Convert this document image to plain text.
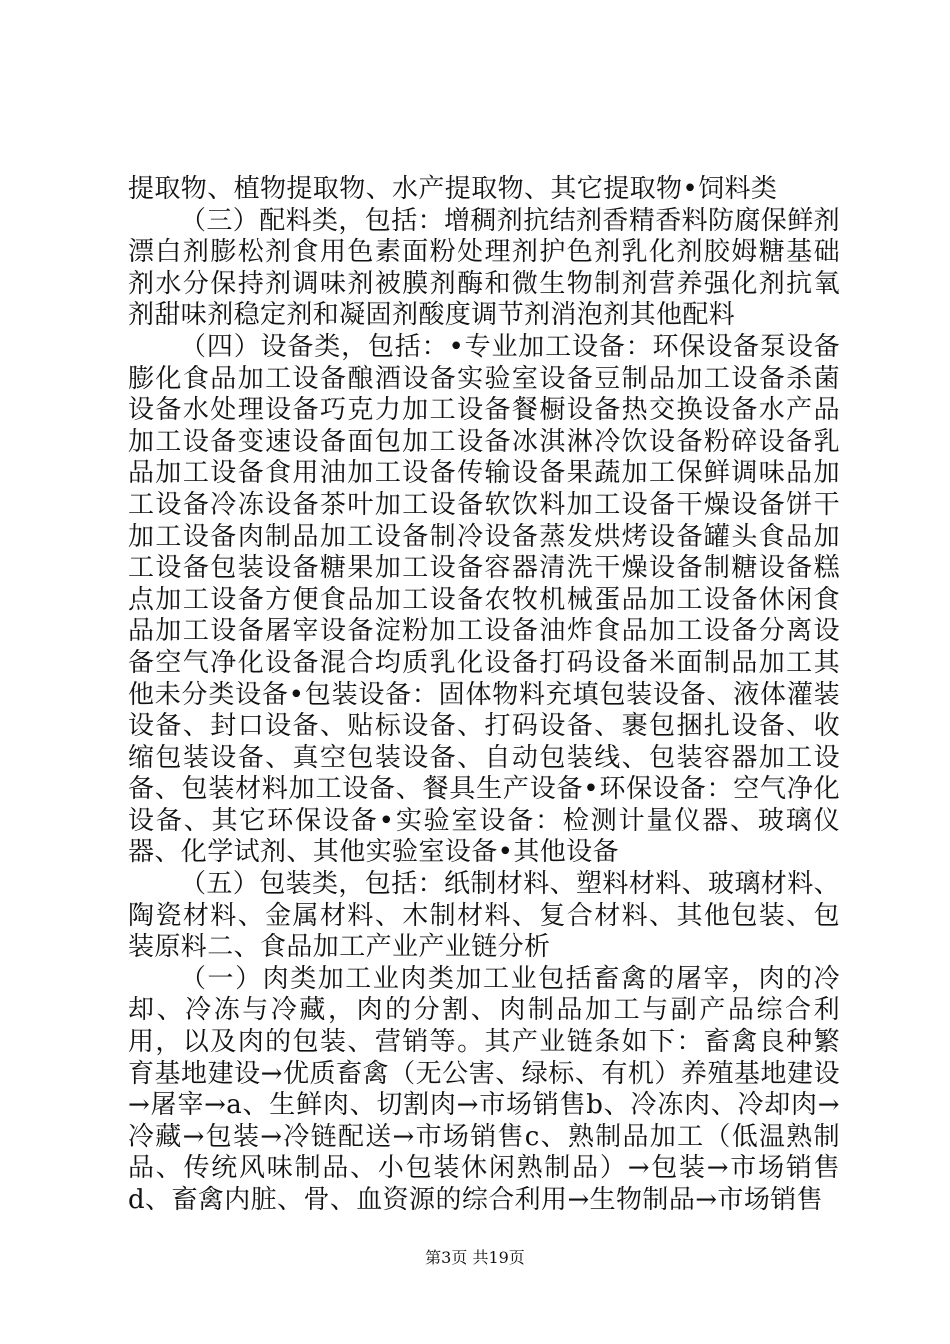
提取物、植物提取物、水产提取物、其它提取物•饲料类

（三）配料类，包括：增稠剂抗结剂香精香料防腐保鲜剂漂白剂膨松剂食用色素面粉处理剂护色剂乳化剂胶姆糖基础剂水分保持剂调味剂被膜剂酶和微生物制剂营养强化剂抗氧剂甜味剂稳定剂和凝固剂酸度调节剂消泡剂其他配料

（四）设备类，包括：•专业加工设备：环保设备泵设备膨化食品加工设备酿酒设备实验室设备豆制品加工设备杀菌设备水处理设备巧克力加工设备餐橱设备热交换设备水产品加工设备变速设备面包加工设备冰淇淋冷饮设备粉碎设备乳品加工设备食用油加工设备传输设备果蔬加工保鲜调味品加工设备冷冻设备茶叶加工设备软饮料加工设备干燥设备饼干加工设备肉制品加工设备制冷设备蒸发烘烤设备罐头食品加工设备包装设备糖果加工设备容器清洗干燥设备制糖设备糕点加工设备方便食品加工设备农牧机械蛋品加工设备休闲食品加工设备屠宰设备淀粉加工设备油炸食品加工设备分离设备空气净化设备混合均质乳化设备打码设备米面制品加工其他未分类设备•包装设备：固体物料充填包装设备、液体灌装设备、封口设备、贴标设备、打码设备、裹包捆扎设备、收缩包装设备、真空包装设备、自动包装线、包装容器加工设备、包装材料加工设备、餐具生产设备•环保设备：空气净化设备、其它环保设备•实验室设备：检测计量仪器、玻璃仪器、化学试剂、其他实验室设备•其他设备

（五）包装类，包括：纸制材料、塑料材料、玻璃材料、陶瓷材料、金属材料、木制材料、复合材料、其他包装、包装原料二、食品加工产业产业链分析

（一）肉类加工业肉类加工业包括畜禽的屠宰，肉的冷却、冷冻与冷藏，肉的分割、肉制品加工与副产品综合利用，以及肉的包装、营销等。其产业链条如下：畜禽良种繁育基地建设→优质畜禽（无公害、绿标、有机）养殖基地建设→屠宰→a、生鲜肉、切割肉→市场销售b、冷冻肉、冷却肉→冷藏→包装→冷链配送→市场销售c、熟制品加工（低温熟制品、传统风味制品、小包装休闲熟制品）→包装→市场销售d、畜禽内脏、骨、血资源的综合利用→生物制品→市场销售

第3页 共19页
